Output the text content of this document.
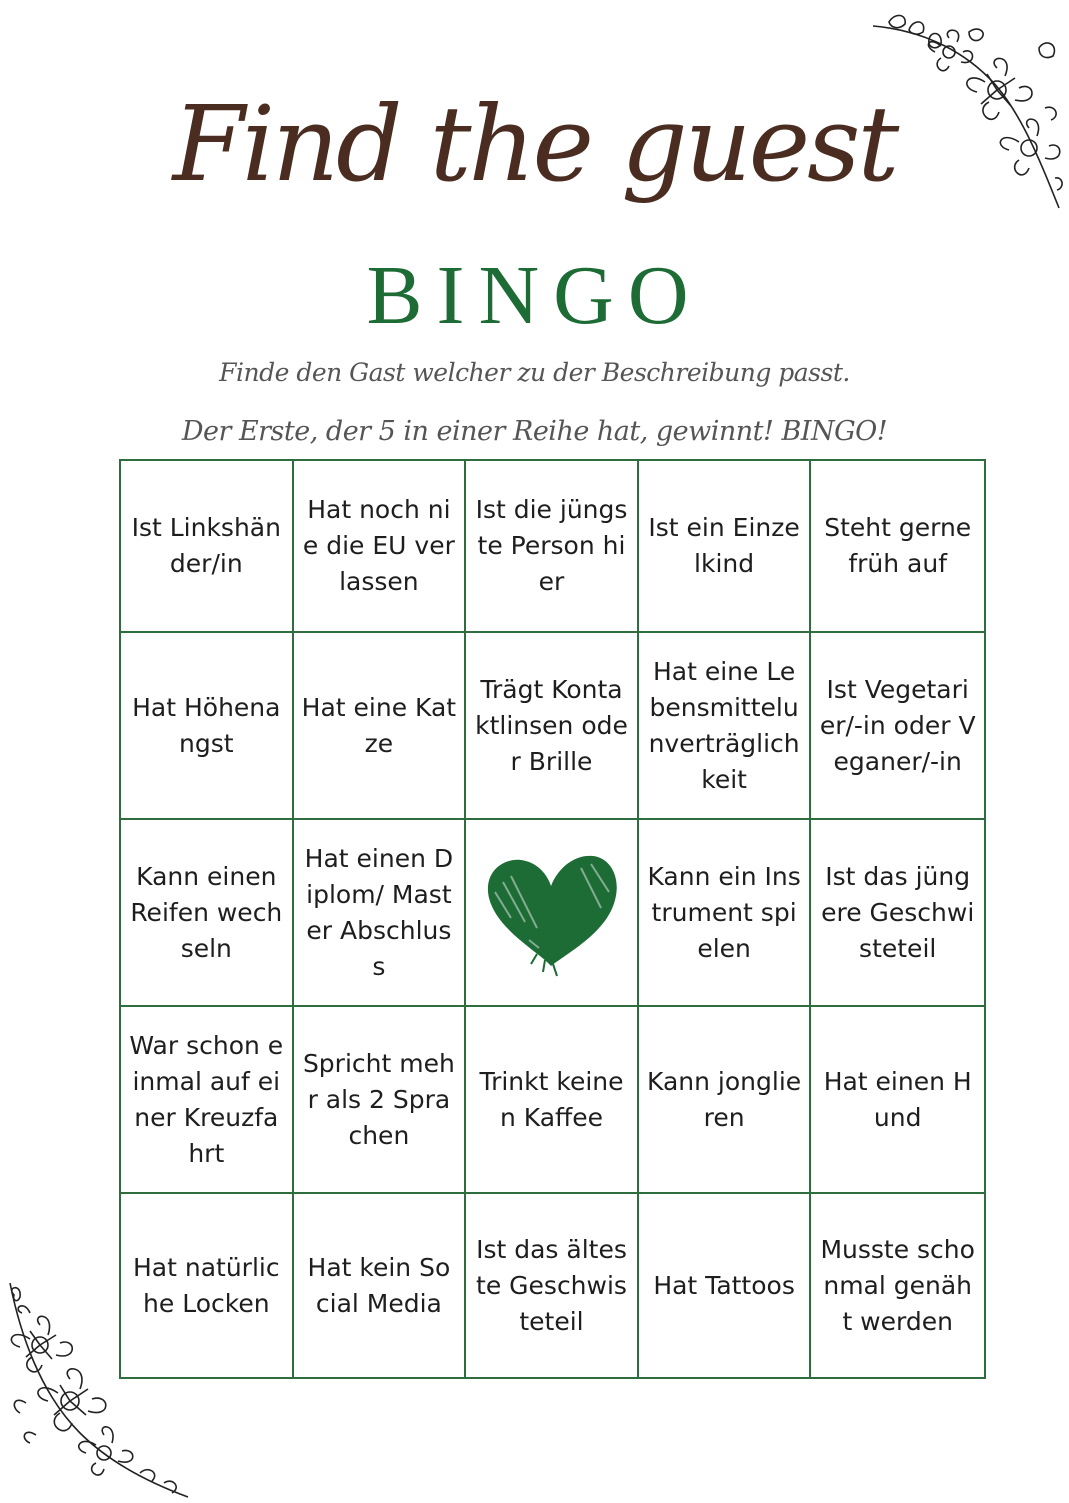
Find the guest
BINGO
Finde den Gast welcher zu der Beschreibung passt.
Der Erste, der 5 in einer Reihe hat, gewinnt! BINGO!
Ist Linkshänder/in
Hat noch nie die EU verlassen
Ist die jüngste Person hier
Ist ein Einzelkind
Steht gerne früh auf
Hat Höhenangst
Hat eine Katze
Trägt Kontaktlinsen oder Brille
Hat eine Lebensmittelunverträglichkeit
Ist Vegetarier/-in oder Veganer/-in
Kann einen Reifen wechseln
Hat einen Diplom/ Master Abschluss
Kann ein Instrument spielen
Ist das jüngere Geschwisteteil
War schon einmal auf einer Kreuzfahrt
Spricht mehr als 2 Sprachen
Trinkt keinen Kaffee
Kann jonglieren
Hat einen Hund
Hat natürliche Locken
Hat kein Social Media
Ist das älteste Geschwisteteil
Hat Tattoos
Musste schonmal genäht werden
